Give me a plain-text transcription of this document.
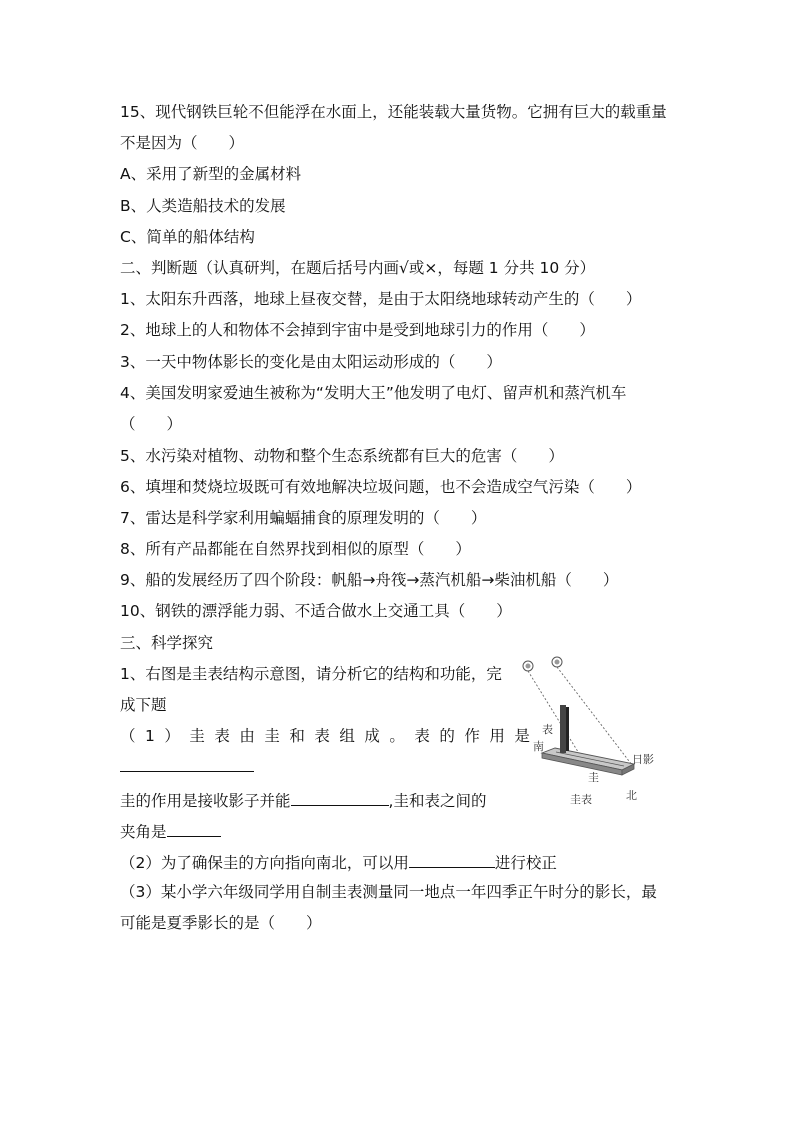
15、现代钢铁巨轮不但能浮在水面上，还能装载大量货物。它拥有巨大的载重量
不是因为（　　）
A、采用了新型的金属材料
B、人类造船技术的发展
C、简单的船体结构
二、判断题（认真研判，在题后括号内画√或×，每题 1 分共 10 分）
1、太阳东升西落，地球上昼夜交替，是由于太阳绕地球转动产生的（　　）
2、地球上的人和物体不会掉到宇宙中是受到地球引力的作用（　　）
3、一天中物体影长的变化是由太阳运动形成的（　　）
4、美国发明家爱迪生被称为“发明大王”他发明了电灯、留声机和蒸汽机车
（　　）
5、水污染对植物、动物和整个生态系统都有巨大的危害（　　）
6、填埋和焚烧垃圾既可有效地解决垃圾问题，也不会造成空气污染（　　）
7、雷达是科学家利用蝙蝠捕食的原理发明的（　　）
8、所有产品都能在自然界找到相似的原型（　　）
9、船的发展经历了四个阶段：帆船→舟筏→蒸汽机船→柴油机船（　　）
10、钢铁的漂浮能力弱、不适合做水上交通工具（　　）
三、科学探究
1、右图是圭表结构示意图，请分析它的结构和功能，完
成下题
（1）圭表由圭和表组成。表的作用是
圭的作用是接收影子并能	,圭和表之间的
夹角是
（2）为了确保圭的方向指向南北，可以用	进行校正
（3）某小学六年级同学用自制圭表测量同一地点一年四季正午时分的影长，最
可能是夏季影长的是（　　）
表
南
圭
日影
北
圭表
